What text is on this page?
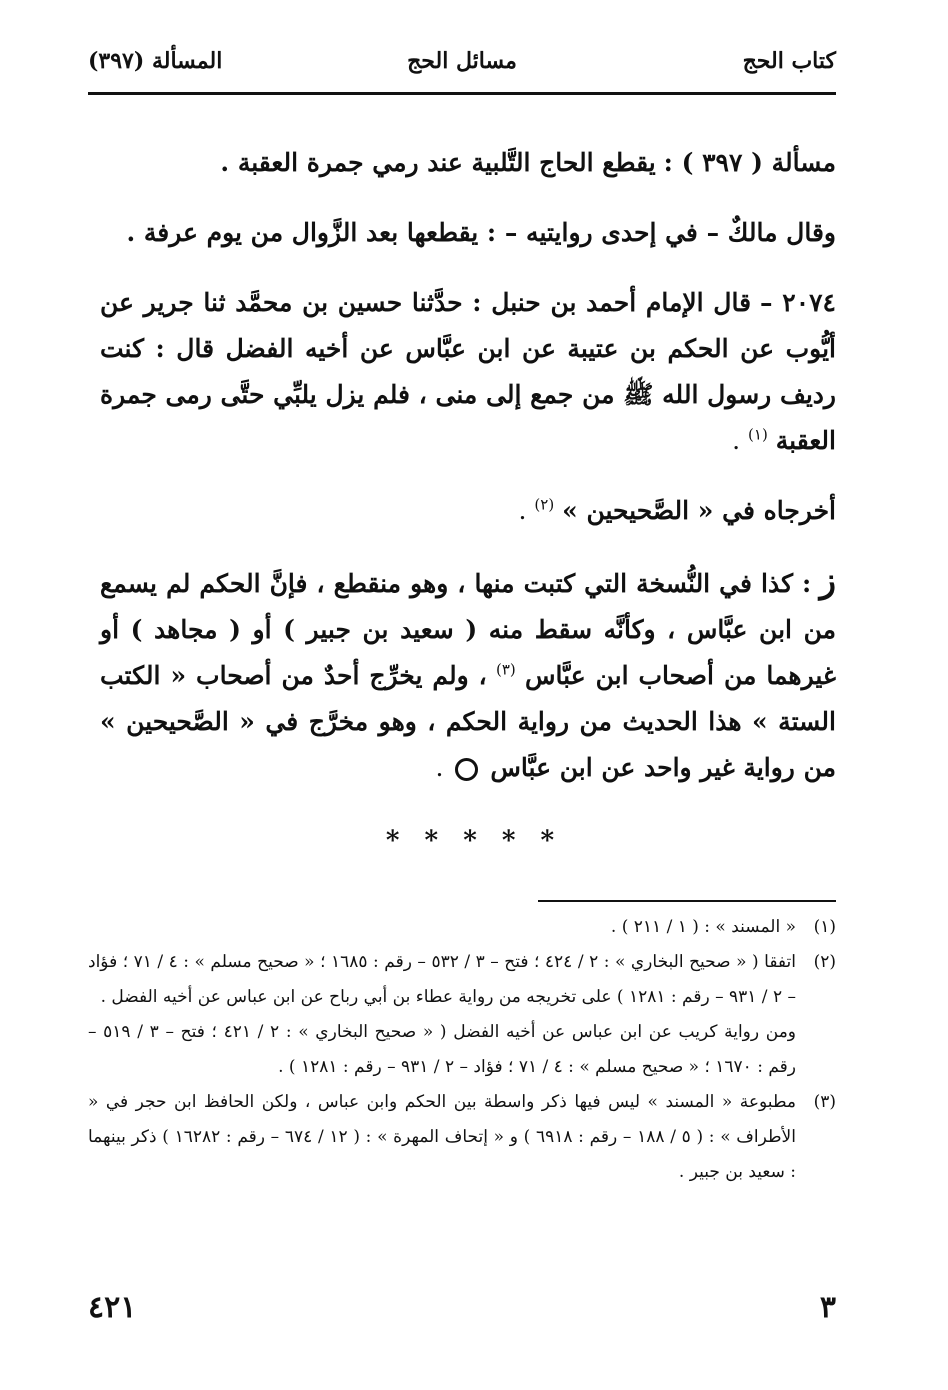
المسألة (٣٩٧)	مسائل الحج	كتاب الحج

مسألة ( ٣٩٧ ) : يقطع الحاج التَّلبية عند رمي جمرة العقبة .

وقال مالكٌ – في إحدى روايتيه – : يقطعها بعد الزَّوال من يوم عرفة .

٢٠٧٤ – قال الإمام أحمد بن حنبل : حدَّثنا حسين بن محمَّد ثنا جرير عن أيُّوب عن الحكم بن عتيبة عن ابن عبَّاس عن أخيه الفضل قال : كنت رديف رسول الله ﷺ من جمع إلى منى ، فلم يزل يلبِّي حتَّى رمى جمرة العقبة $^{(١)}$ .

أخرجاه في « الصَّحيحين » $^{(٢)}$ .

ز : كذا في النُّسخة التي كتبت منها ، وهو منقطع ، فإنَّ الحكم لم يسمع من ابن عبَّاس ، وكأنَّه سقط منه ( سعيد بن جبير ) أو ( مجاهد ) أو غيرهما من أصحاب ابن عبَّاس $^{(٣)}$ ، ولم يخرِّج أحدٌ من أصحاب « الكتب الستة » هذا الحديث من رواية الحكم ، وهو مخرَّج في « الصَّحيحين » من رواية غير واحد عن ابن عبَّاس  .

* * * * *
(١)
« المسند » : ( ١ / ٢١١ ) .
(٢)
اتفقا ( « صحيح البخاري » : ٢ / ٤٢٤ ؛ فتح – ٣ / ٥٣٢ – رقم : ١٦٨٥ ؛ « صحيح مسلم » : ٤ / ٧١ ؛ فؤاد – ٢ / ٩٣١ – رقم : ١٢٨١ ) على تخريجه من رواية عطاء بن أبي رباح عن ابن عباس عن أخيه الفضل .
ومن رواية كريب عن ابن عباس عن أخيه الفضل ( « صحيح البخاري » : ٢ / ٤٢١ ؛ فتح – ٣ / ٥١٩ – رقم : ١٦٧٠ ؛ « صحيح مسلم » : ٤ / ٧١ ؛ فؤاد – ٢ / ٩٣١ – رقم : ١٢٨١ ) .
(٣)
مطبوعة « المسند » ليس فيها ذكر واسطة بين الحكم وابن عباس ، ولكن الحافظ ابن حجر في « الأطراف » : ( ٥ / ١٨٨ – رقم : ٦٩١٨ ) و « إتحاف المهرة » : ( ١٢ / ٦٧٤ – رقم : ١٦٢٨٢ ) ذكر بينهما : سعيد بن جبير .
٤٢١	٣
